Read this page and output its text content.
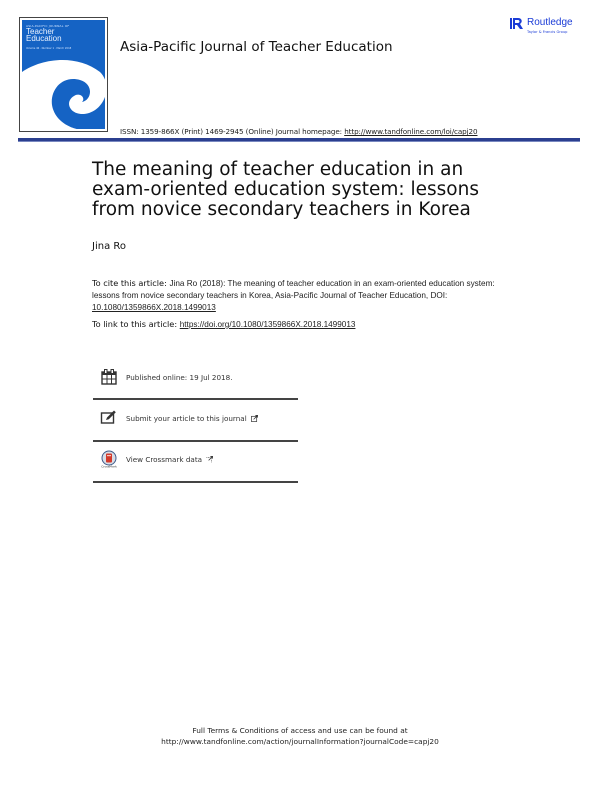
ASIA-PACIFIC JOURNAL OF
Teacher
Education
Volume 46 · Number 1 · March 2018	Asia-Pacific Journal of Teacher Education
Routledge
Taylor & Francis Group
ISSN: 1359-866X (Print) 1469-2945 (Online) Journal homepage: http://www.tandfonline.com/loi/capj20
The meaning of teacher education in an exam-oriented education system: lessons from novice secondary teachers in Korea
Jina Ro
To cite this article: Jina Ro (2018): The meaning of teacher education in an exam-oriented education system: lessons from novice secondary teachers in Korea, Asia-Pacific Journal of Teacher Education, DOI: 10.1080/1359866X.2018.1499013
To link to this article: https://doi.org/10.1080/1359866X.2018.1499013
Published online: 19 Jul 2018.
Submit your article to this journal
CrossMark
View Crossmark data
Full Terms & Conditions of access and use can be found at
http://www.tandfonline.com/action/journalInformation?journalCode=capj20
